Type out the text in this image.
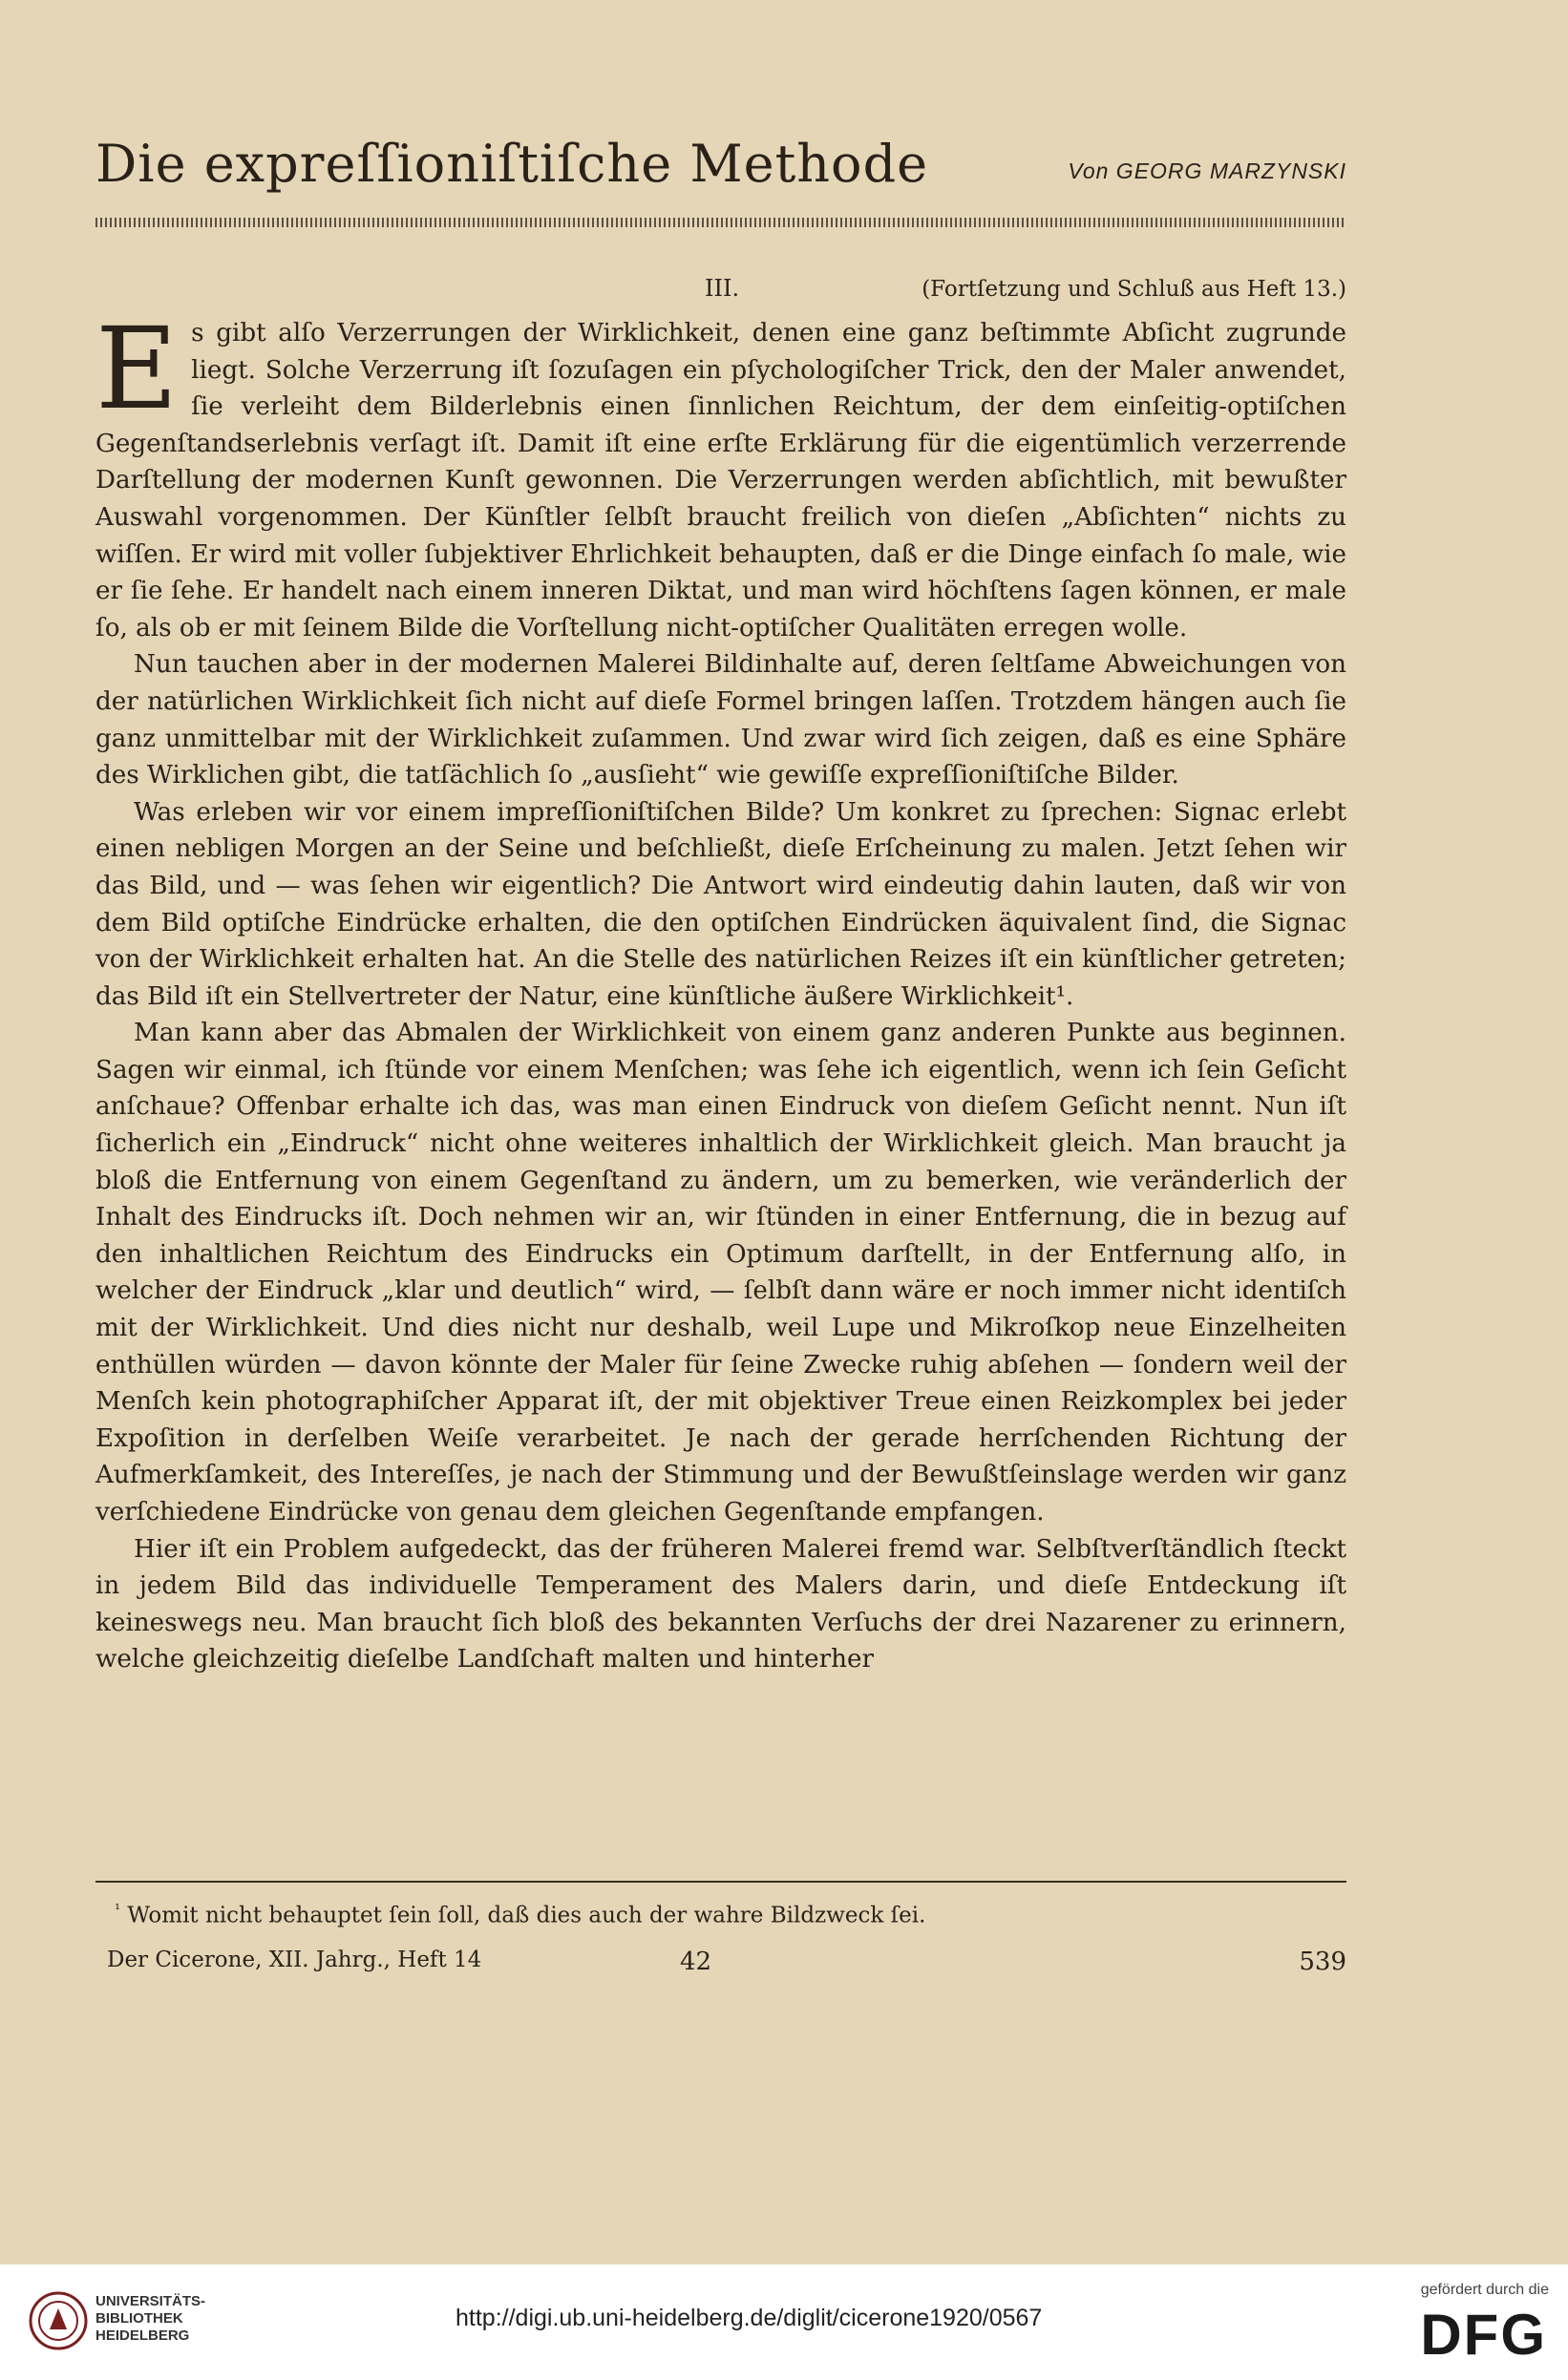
Die expreſſioniſtiſche Methode	Von GEORG MARZYNSKI
III.	(Fortſetzung und Schluß aus Heft 13.)

Es gibt alſo Verzerrungen der Wirklichkeit, denen eine ganz beſtimmte Abſicht zugrunde liegt. Solche Verzerrung iſt ſozuſagen ein pſychologiſcher Trick, den der Maler anwendet, ſie verleiht dem Bilderlebnis einen ſinnlichen Reichtum, der dem einſeitig-optiſchen Gegenſtandserlebnis verſagt iſt. Damit iſt eine erſte Erklärung für die eigentümlich verzerrende Darſtellung der modernen Kunſt gewonnen. Die Verzerrungen werden abſichtlich, mit bewußter Auswahl vorgenommen. Der Künſtler ſelbſt braucht freilich von dieſen „Abſichten“ nichts zu wiſſen. Er wird mit voller ſubjektiver Ehrlichkeit behaupten, daß er die Dinge einfach ſo male, wie er ſie ſehe. Er handelt nach einem inneren Diktat, und man wird höchſtens ſagen können, er male ſo, als ob er mit ſeinem Bilde die Vorſtellung nicht-optiſcher Qualitäten erregen wolle.

Nun tauchen aber in der modernen Malerei Bildinhalte auf, deren ſeltſame Abweichungen von der natürlichen Wirklichkeit ſich nicht auf dieſe Formel bringen laſſen. Trotzdem hängen auch ſie ganz unmittelbar mit der Wirklichkeit zuſammen. Und zwar wird ſich zeigen, daß es eine Sphäre des Wirklichen gibt, die tatſächlich ſo „ausſieht“ wie gewiſſe expreſſioniſtiſche Bilder.

Was erleben wir vor einem impreſſioniſtiſchen Bilde? Um konkret zu ſprechen: Signac erlebt einen nebligen Morgen an der Seine und beſchließt, dieſe Erſcheinung zu malen. Jetzt ſehen wir das Bild, und — was ſehen wir eigentlich? Die Antwort wird eindeutig dahin lauten, daß wir von dem Bild optiſche Eindrücke erhalten, die den optiſchen Eindrücken äquivalent ſind, die Signac von der Wirklichkeit erhalten hat. An die Stelle des natürlichen Reizes iſt ein künſtlicher getreten; das Bild iſt ein Stellvertreter der Natur, eine künſtliche äußere Wirklichkeit¹.

Man kann aber das Abmalen der Wirklichkeit von einem ganz anderen Punkte aus beginnen. Sagen wir einmal, ich ſtünde vor einem Menſchen; was ſehe ich eigentlich, wenn ich ſein Geſicht anſchaue? Offenbar erhalte ich das, was man einen Eindruck von dieſem Geſicht nennt. Nun iſt ſicherlich ein „Eindruck“ nicht ohne weiteres inhaltlich der Wirklichkeit gleich. Man braucht ja bloß die Entfernung von einem Gegenſtand zu ändern, um zu bemerken, wie veränderlich der Inhalt des Eindrucks iſt. Doch nehmen wir an, wir ſtünden in einer Entfernung, die in bezug auf den inhaltlichen Reichtum des Eindrucks ein Optimum darſtellt, in der Entfernung alſo, in welcher der Eindruck „klar und deutlich“ wird, — ſelbſt dann wäre er noch immer nicht identiſch mit der Wirklichkeit. Und dies nicht nur deshalb, weil Lupe und Mikroſkop neue Einzelheiten enthüllen würden — davon könnte der Maler für ſeine Zwecke ruhig abſehen — ſondern weil der Menſch kein photographiſcher Apparat iſt, der mit objektiver Treue einen Reizkomplex bei jeder Expoſition in derſelben Weiſe verarbeitet. Je nach der gerade herrſchenden Richtung der Aufmerkſamkeit, des Intereſſes, je nach der Stimmung und der Bewußtſeinslage werden wir ganz verſchiedene Eindrücke von genau dem gleichen Gegenſtande empfangen.

Hier iſt ein Problem aufgedeckt, das der früheren Malerei fremd war. Selbſtverſtändlich ſteckt in jedem Bild das individuelle Temperament des Malers darin, und dieſe Entdeckung iſt keineswegs neu. Man braucht ſich bloß des bekannten Verſuchs der drei Nazarener zu erinnern, welche gleichzeitig dieſelbe Landſchaft malten und hinterher

$^{^1}$ Womit nicht behauptet ſein ſoll, daß dies auch der wahre Bildzweck ſei.
Der Cicerone, XII. Jahrg., Heft 14	42	539
UNIVERSITÄTS-
BIBLIOTHEK
HEIDELBERG
http://digi.ub.uni-heidelberg.de/diglit/cicerone1920/0567
gefördert durch die
DFG
